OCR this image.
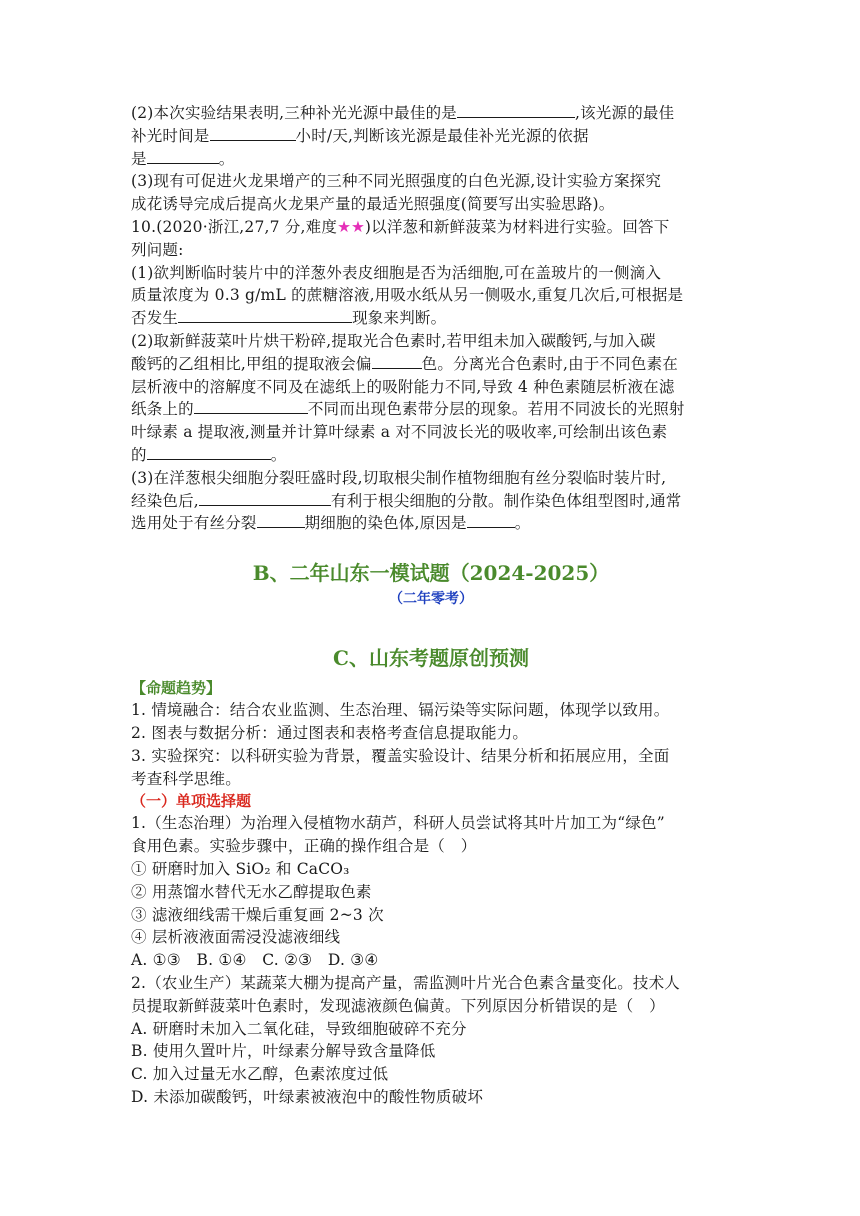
(2)本次实验结果表明,三种补光光源中最佳的是	,该光源的最佳
补光时间是	小时/天,判断该光源是最佳补光光源的依据
是	。

(3)现有可促进火龙果增产的三种不同光照强度的白色光源,设计实验方案探究
成花诱导完成后提高火龙果产量的最适光照强度(简要写出实验思路)。

10.(2020·浙江,27,7 分,难度★★)以洋葱和新鲜菠菜为材料进行实验。回答下
列问题:

(1)欲判断临时装片中的洋葱外表皮细胞是否为活细胞,可在盖玻片的一侧滴入
质量浓度为 0.3 g/mL 的蔗糖溶液,用吸水纸从另一侧吸水,重复几次后,可根据是
否发生	现象来判断。

(2)取新鲜菠菜叶片烘干粉碎,提取光合色素时,若甲组未加入碳酸钙,与加入碳
酸钙的乙组相比,甲组的提取液会偏	色。分离光合色素时,由于不同色素在
层析液中的溶解度不同及在滤纸上的吸附能力不同,导致 4 种色素随层析液在滤
纸条上的	不同而出现色素带分层的现象。若用不同波长的光照射
叶绿素 a 提取液,测量并计算叶绿素 a 对不同波长光的吸收率,可绘制出该色素
的	。

(3)在洋葱根尖细胞分裂旺盛时段,切取根尖制作植物细胞有丝分裂临时装片时,
经染色后,	有利于根尖细胞的分散。制作染色体组型图时,通常
选用处于有丝分裂	期细胞的染色体,原因是	。

B、二年山东一模试题（2024-2025）

（二年零考）

C、山东考题原创预测

【命题趋势】

1. 情境融合：结合农业监测、生态治理、镉污染等实际问题，体现学以致用。

2. 图表与数据分析：通过图表和表格考查信息提取能力。

3. 实验探究：以科研实验为背景，覆盖实验设计、结果分析和拓展应用，全面
考查科学思维。

（一）单项选择题

1.（生态治理）为治理入侵植物水葫芦，科研人员尝试将其叶片加工为“绿色”
食用色素。实验步骤中，正确的操作组合是（　）

① 研磨时加入 SiO₂ 和 CaCO₃

② 用蒸馏水替代无水乙醇提取色素

③ 滤液细线需干燥后重复画 2~3 次

④ 层析液液面需浸没滤液细线

A. ①③　B. ①④　C. ②③　D. ③④

2.（农业生产）某蔬菜大棚为提高产量，需监测叶片光合色素含量变化。技术人
员提取新鲜菠菜叶色素时，发现滤液颜色偏黄。下列原因分析错误的是（　）

A. 研磨时未加入二氧化硅，导致细胞破碎不充分

B. 使用久置叶片，叶绿素分解导致含量降低

C. 加入过量无水乙醇，色素浓度过低

D. 未添加碳酸钙，叶绿素被液泡中的酸性物质破坏
